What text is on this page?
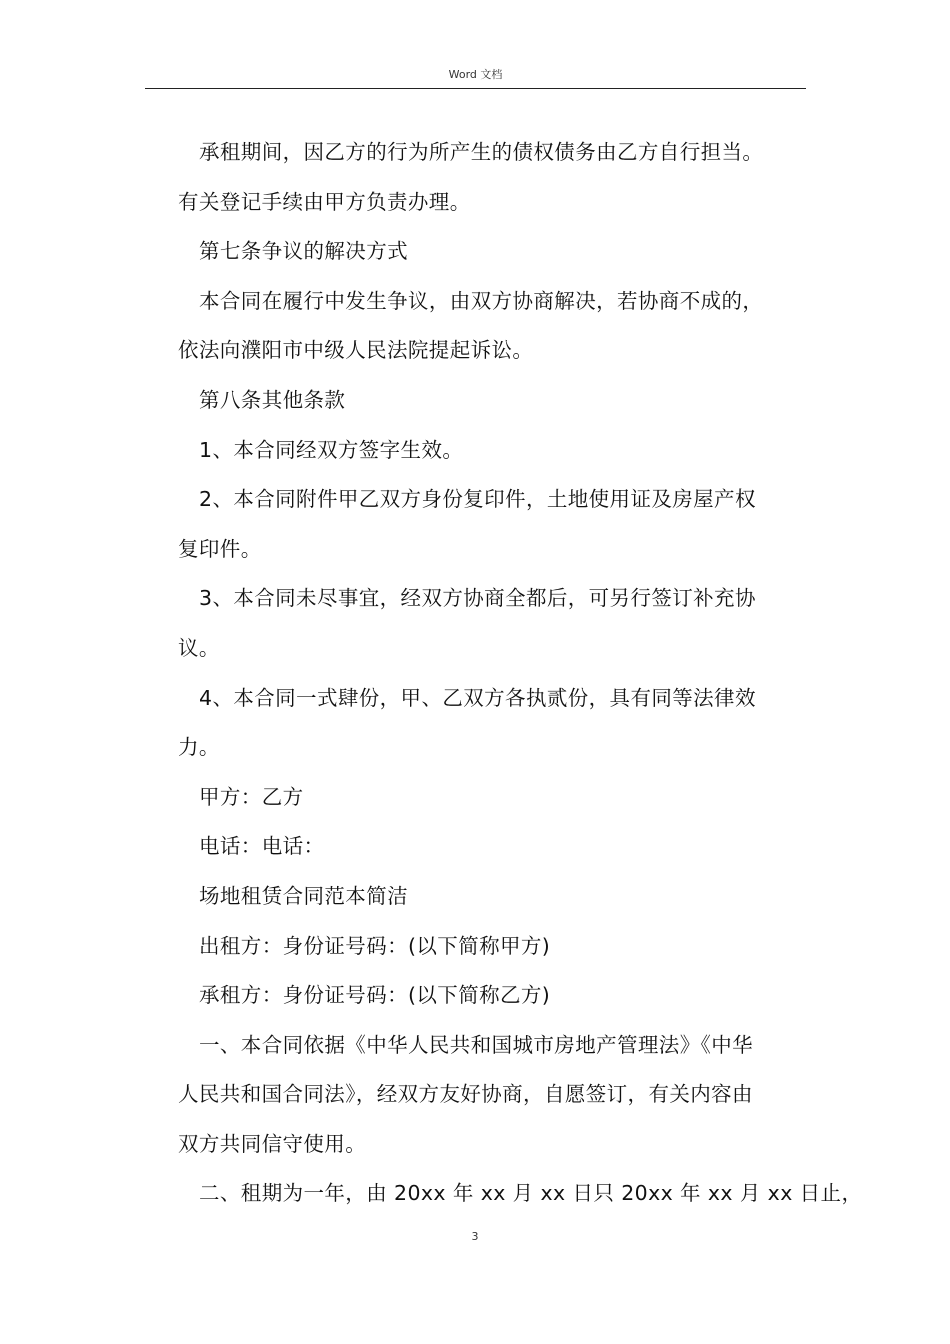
Word 文档
承租期间，因乙方的行为所产生的债权债务由乙方自行担当。
有关登记手续由甲方负责办理。
第七条争议的解决方式
本合同在履行中发生争议，由双方协商解决，若协商不成的，
依法向濮阳市中级人民法院提起诉讼。
第八条其他条款
1、本合同经双方签字生效。
2、本合同附件甲乙双方身份复印件，土地使用证及房屋产权
复印件。
3、本合同未尽事宜，经双方协商全都后，可另行签订补充协
议。
4、本合同一式肆份，甲、乙双方各执贰份，具有同等法律效
力。
甲方：乙方
电话：电话：
场地租赁合同范本简洁
出租方：身份证号码：(以下简称甲方)
承租方：身份证号码：(以下简称乙方)
一、本合同依据《中华人民共和国城市房地产管理法》《中华
人民共和国合同法》，经双方友好协商，自愿签订，有关内容由
双方共同信守使用。
二、租期为一年，由 20xx 年 xx 月 xx 日只 20xx 年 xx 月 xx 日止，
3
